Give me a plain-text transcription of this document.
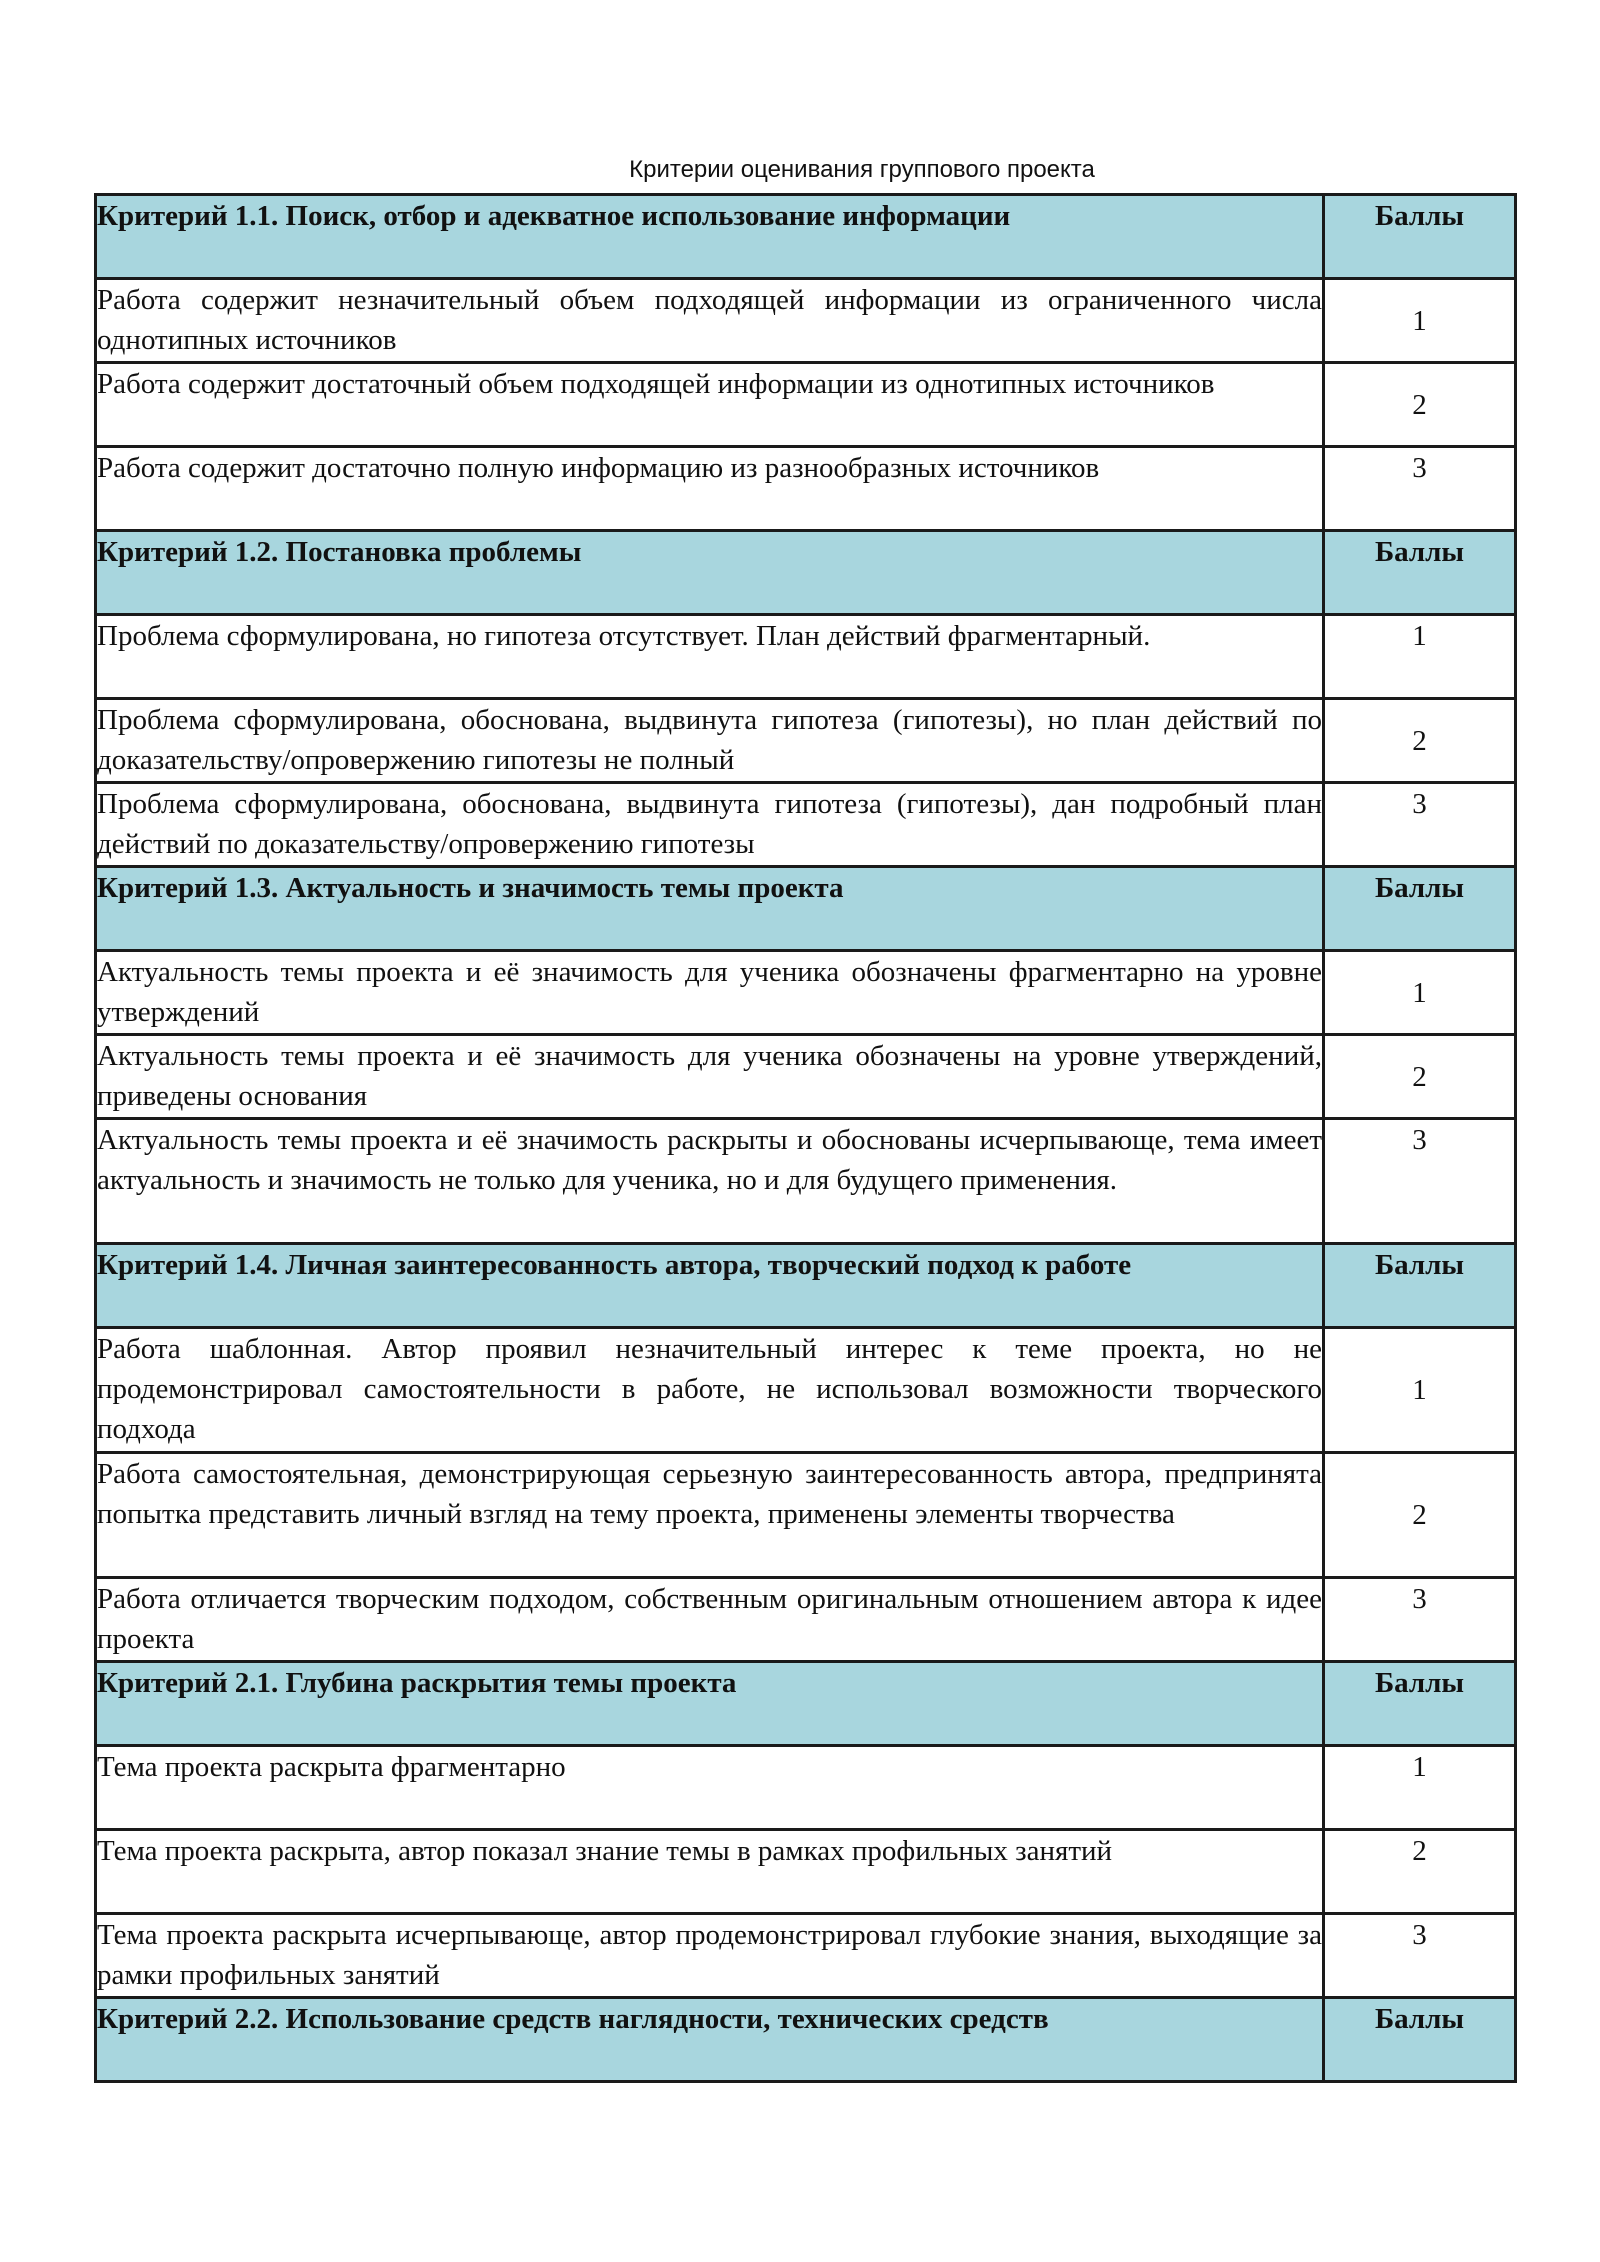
Критерии оценивания группового проекта
Критерий 1.1. Поиск, отбор и адекватное использование информации	Баллы
Работа содержит незначительный объем подходящей информации из ограниченного числа однотипных источников	1
Работа содержит достаточный объем подходящей информации из однотипных источников	2
Работа содержит достаточно полную информацию из разнообразных источников	3
Критерий 1.2. Постановка проблемы	Баллы
Проблема сформулирована, но гипотеза отсутствует. План действий фрагментарный.	1
Проблема сформулирована, обоснована, выдвинута гипотеза (гипотезы), но план действий по доказательству/опровержению гипотезы не полный	2
Проблема сформулирована, обоснована, выдвинута гипотеза (гипотезы), дан подробный план действий по доказательству/опровержению гипотезы	3
Критерий 1.3. Актуальность и значимость темы проекта	Баллы
Актуальность темы проекта и её значимость для ученика обозначены фрагментарно на уровне утверждений	1
Актуальность темы проекта и её значимость для ученика обозначены на уровне утверждений, приведены основания	2
Актуальность темы проекта и её значимость раскрыты и обоснованы исчерпывающе, тема имеет актуальность и значимость не только для ученика, но и для будущего применения.	3
Критерий 1.4. Личная заинтересованность автора, творческий подход к работе	Баллы
Работа шаблонная. Автор проявил незначительный интерес к теме проекта, но не продемонстрировал самостоятельности в работе, не использовал возможности творческого подхода	1
Работа самостоятельная, демонстрирующая серьезную заинтересованность автора, предпринята попытка представить личный взгляд на тему проекта, применены элементы творчества	2
Работа отличается творческим подходом, собственным оригинальным отношением автора к идее проекта	3
Критерий 2.1. Глубина раскрытия темы проекта	Баллы
Тема проекта раскрыта фрагментарно	1
Тема проекта раскрыта, автор показал знание темы в рамках профильных занятий	2
Тема проекта раскрыта исчерпывающе, автор продемонстрировал глубокие знания, выходящие за рамки профильных занятий	3
Критерий 2.2. Использование средств наглядности, технических средств	Баллы
